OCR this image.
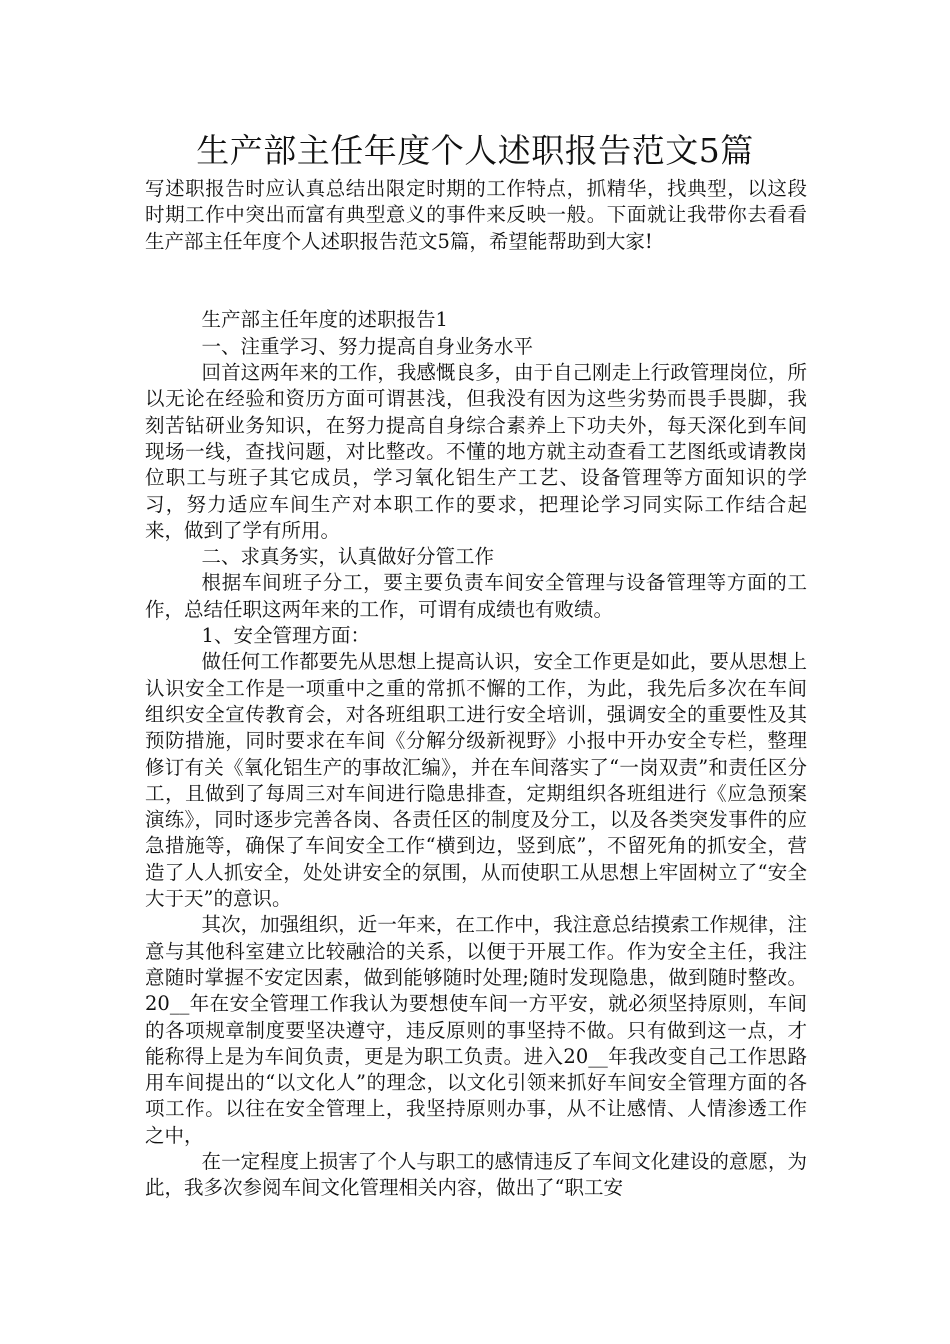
生产部主任年度个人述职报告范文5篇

写述职报告时应认真总结出限定时期的工作特点，抓精华，找典型，以这段时期工作中突出而富有典型意义的事件来反映一般。下面就让我带你去看看生产部主任年度个人述职报告范文5篇，希望能帮助到大家!

生产部主任年度的述职报告1

一、注重学习、努力提高自身业务水平

回首这两年来的工作，我感慨良多，由于自己刚走上行政管理岗位，所以无论在经验和资历方面可谓甚浅，但我没有因为这些劣势而畏手畏脚，我刻苦钻研业务知识，在努力提高自身综合素养上下功夫外，每天深化到车间现场一线，查找问题，对比整改。不懂的地方就主动查看工艺图纸或请教岗位职工与班子其它成员，学习氧化铝生产工艺、设备管理等方面知识的学习，努力适应车间生产对本职工作的要求，把理论学习同实际工作结合起来，做到了学有所用。

二、求真务实，认真做好分管工作

根据车间班子分工，要主要负责车间安全管理与设备管理等方面的工作，总结任职这两年来的工作，可谓有成绩也有败绩。

1、安全管理方面：

做任何工作都要先从思想上提高认识，安全工作更是如此，要从思想上认识安全工作是一项重中之重的常抓不懈的工作，为此，我先后多次在车间组织安全宣传教育会，对各班组职工进行安全培训，强调安全的重要性及其预防措施，同时要求在车间《分解分级新视野》小报中开办安全专栏，整理修订有关《氧化铝生产的事故汇编》，并在车间落实了“一岗双责”和责任区分工，且做到了每周三对车间进行隐患排查，定期组织各班组进行《应急预案演练》，同时逐步完善各岗、各责任区的制度及分工，以及各类突发事件的应急措施等，确保了车间安全工作“横到边，竖到底”，不留死角的抓安全，营造了人人抓安全，处处讲安全的氛围，从而使职工从思想上牢固树立了“安全大于天”的意识。

其次，加强组织，近一年来，在工作中，我注意总结摸索工作规律，注意与其他科室建立比较融洽的关系，以便于开展工作。作为安全主任，我注意随时掌握不安定因素，做到能够随时处理;随时发现隐患，做到随时整改。20__年在安全管理工作我认为要想使车间一方平安，就必须坚持原则，车间的各项规章制度要坚决遵守，违反原则的事坚持不做。只有做到这一点，才能称得上是为车间负责，更是为职工负责。进入20__年我改变自己工作思路用车间提出的“以文化人”的理念，以文化引领来抓好车间安全管理方面的各项工作。以往在安全管理上，我坚持原则办事，从不让感情、人情渗透工作之中，

在一定程度上损害了个人与职工的感情违反了车间文化建设的意愿，为此，我多次参阅车间文化管理相关内容，做出了“职工安
